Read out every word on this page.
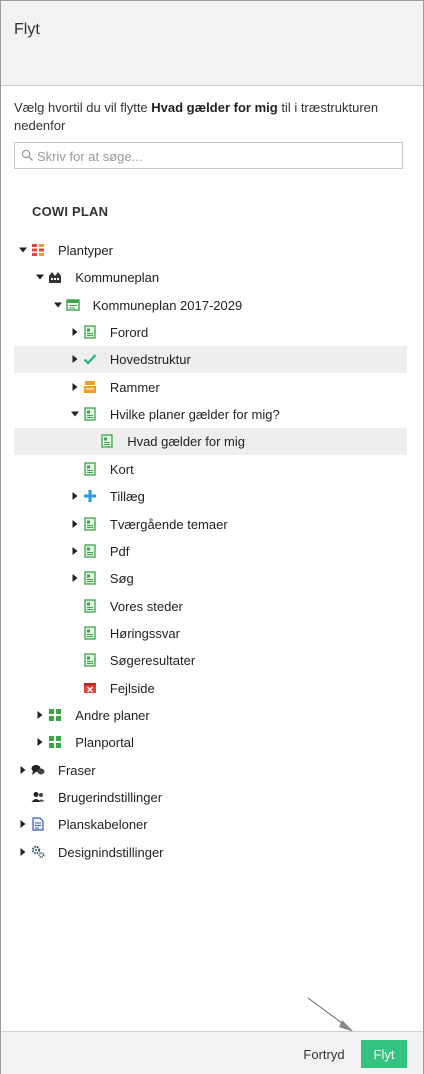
Flyt
Vælg hvortil du vil flytte Hvad gælder for mig til i træstrukturen nedenfor
Skriv for at søge...
COWI PLAN
Plantyper
Kommuneplan
Kommuneplan 2017-2029
Forord
Hovedstruktur
Rammer
Hvilke planer gælder for mig?
Hvad gælder for mig
Kort
Tillæg
Tværgående temaer
Pdf
Søg
Vores steder
Høringssvar
Søgeresultater
Fejlside
Andre planer
Planportal
Fraser
Brugerindstillinger
Planskabeloner
Designindstillinger
Fortryd	Flyt
